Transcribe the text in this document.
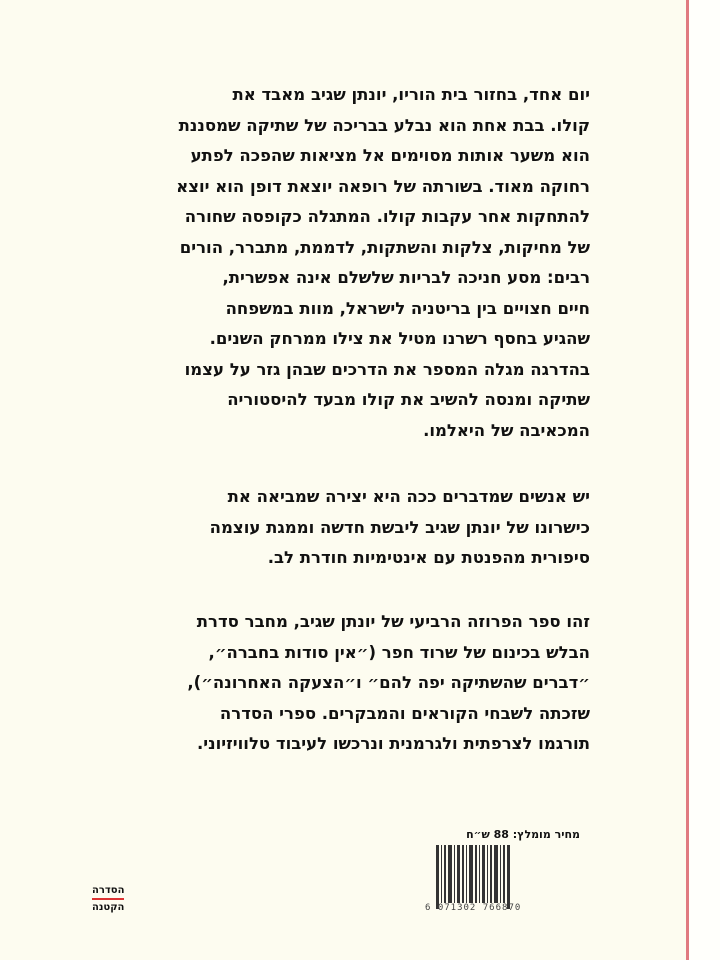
יום אחד, בחזור בית הוריו, יונתן שגיב מאבד את
קולו. בבת אחת הוא נבלע בבריכה של שתיקה שמסננת
הוא משער אותות מסוימים אל מציאות שהפכה לפתע
רחוקה מאוד. בשורתה של רופאה יוצאת דופן הוא יוצא
להתחקות אחר עקבות קולו. המתגלה כקופסה שחורה
של מחיקות, צלקות והשתקות, לדממת, מתברר, הורים
רבים: מסע חניכה לבריות שלשלם אינה אפשרית,
חיים חצויים בין בריטניה לישראל, מוות במשפחה
שהגיע בחסף רשרנו מטיל את צילו ממרחק השנים.
בהדרגה מגלה המספר את הדרכים שבהן גזר על עצמו
שתיקה ומנסה להשיב את קולו מבעד להיסטוריה
המכאיבה של היאלמו.
יש אנשים שמדברים ככה היא יצירה שמביאה את
כישרונו של יונתן שגיב ליבשת חדשה וממגת עוצמה
סיפורית מהפנטת עם אינטימיות חודרת לב.
זהו ספר הפרוזה הרביעי של יונתן שגיב, מחבר סדרת
הבלש בכינום של שרוד חפר (״אין סודות בחברה״,
״דברים שהשתיקה יפה להם״ ו״הצעקה האחרונה״),
שזכתה לשבחי הקוראים והמבקרים. ספרי הסדרה
תורגמו לצרפתית ולגרמנית ונרכשו לעיבוד טלוויזיוני.
מחיר מומלץ: 88 ש״ח
6 071302 766870
הסדרה
הקטנה
